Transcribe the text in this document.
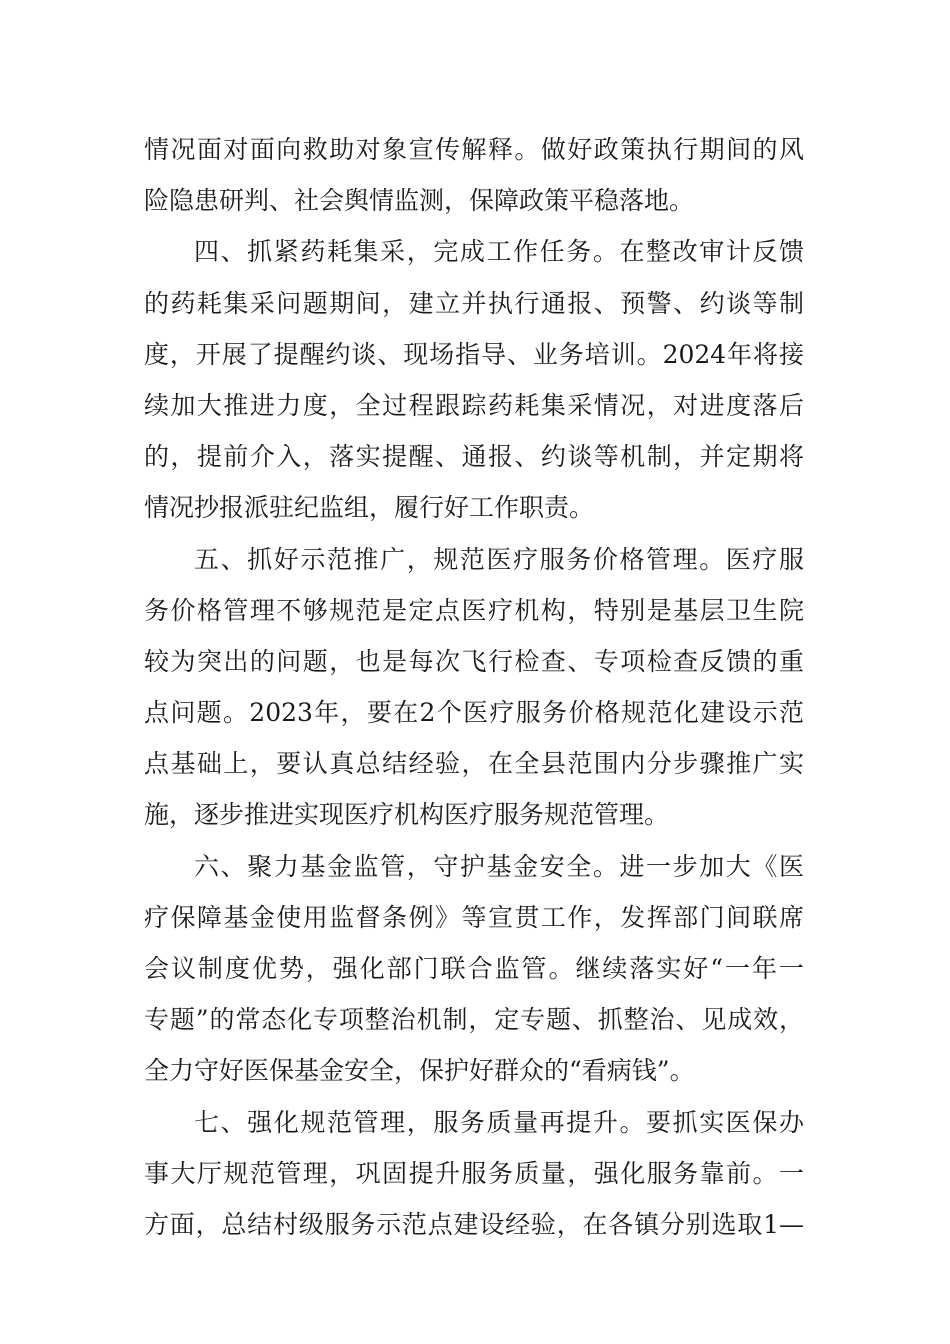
情况面对面向救助对象宣传解释。做好政策执行期间的风
险隐患研判、社会舆情监测，保障政策平稳落地。
四、抓紧药耗集采，完成工作任务。在整改审计反馈
的药耗集采问题期间，建立并执行通报、预警、约谈等制
度，开展了提醒约谈、现场指导、业务培训。2024年将接
续加大推进力度，全过程跟踪药耗集采情况，对进度落后
的，提前介入，落实提醒、通报、约谈等机制，并定期将
情况抄报派驻纪监组，履行好工作职责。
五、抓好示范推广，规范医疗服务价格管理。医疗服
务价格管理不够规范是定点医疗机构，特别是基层卫生院
较为突出的问题，也是每次飞行检查、专项检查反馈的重
点问题。2023年，要在2个医疗服务价格规范化建设示范
点基础上，要认真总结经验，在全县范围内分步骤推广实
施，逐步推进实现医疗机构医疗服务规范管理。
六、聚力基金监管，守护基金安全。进一步加大《医
疗保障基金使用监督条例》等宣贯工作，发挥部门间联席
会议制度优势，强化部门联合监管。继续落实好“一年一
专题”的常态化专项整治机制，定专题、抓整治、见成效，
全力守好医保基金安全，保护好群众的“看病钱”。
七、强化规范管理，服务质量再提升。要抓实医保办
事大厅规范管理，巩固提升服务质量，强化服务靠前。一
方面，总结村级服务示范点建设经验，在各镇分别选取1—
